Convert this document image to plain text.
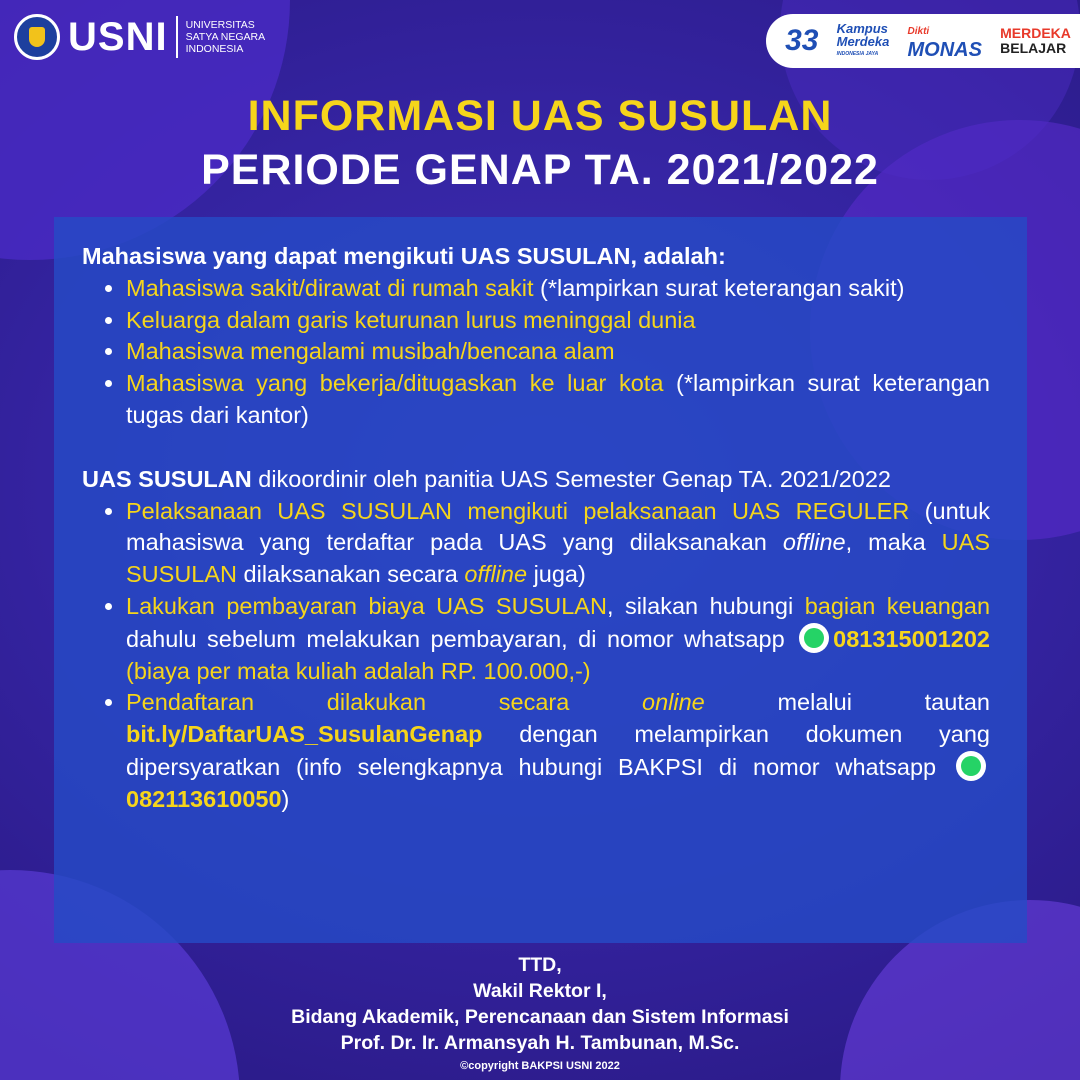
USNI UNIVERSITAS
SATYA NEGARA
INDONESIA	33 Kampus
Merdeka
INDONESIA JAYA
Dikti
MONAS
MERDEKA
BELAJAR
INFORMASI UAS SUSULAN
PERIODE GENAP TA. 2021/2022

Mahasiswa yang dapat mengikuti UAS SUSULAN, adalah:

• Mahasiswa sakit/dirawat di rumah sakit (*lampirkan surat keterangan sakit)
• Keluarga dalam garis keturunan lurus meninggal dunia
• Mahasiswa mengalami musibah/bencana alam
• Mahasiswa yang bekerja/ditugaskan ke luar kota (*lampirkan surat keterangan tugas dari kantor)

UAS SUSULAN dikoordinir oleh panitia UAS Semester Genap TA. 2021/2022

• Pelaksanaan UAS SUSULAN mengikuti pelaksanaan UAS REGULER (untuk mahasiswa yang terdaftar pada UAS yang dilaksanakan offline, maka UAS SUSULAN dilaksanakan secara offline juga)
• Lakukan pembayaran biaya UAS SUSULAN, silakan hubungi bagian keuangan dahulu sebelum melakukan pembayaran, di nomor whatsapp 081315001202 (biaya per mata kuliah adalah RP. 100.000,-)
• Pendaftaran dilakukan secara online melalui tautan bit.ly/DaftarUAS_SusulanGenap dengan melampirkan dokumen yang dipersyaratkan (info selengkapnya hubungi BAKPSI di nomor whatsapp 082113610050)
TTD,
Wakil Rektor I,
Bidang Akademik, Perencanaan dan Sistem Informasi
Prof. Dr. Ir. Armansyah H. Tambunan, M.Sc.
©copyright BAKPSI USNI 2022
